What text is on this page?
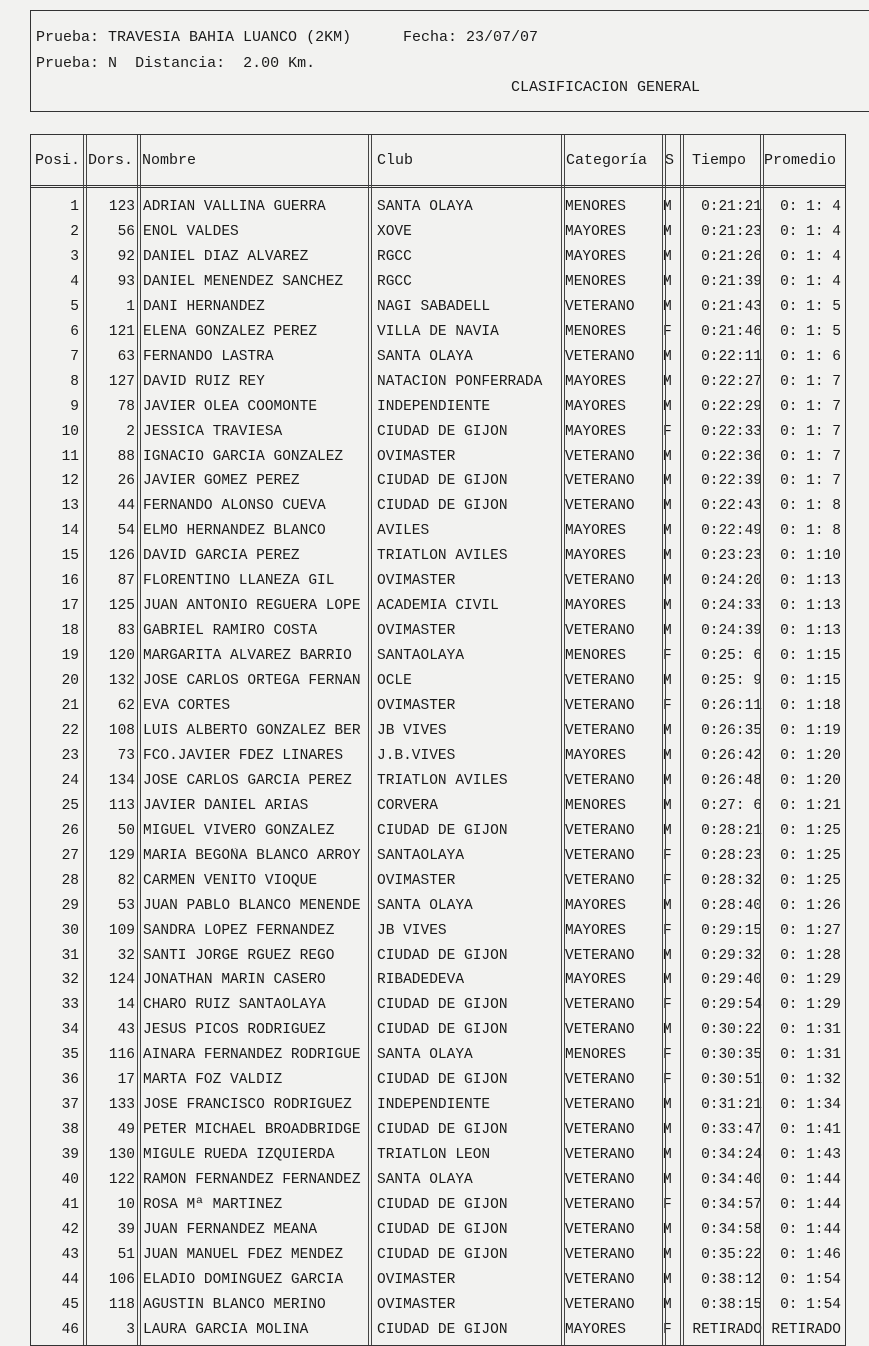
Prueba: TRAVESIA BAHIA LUANCO (2KM)	Fecha: 23/07/07
Prueba: N Distancia: 2.00 Km.
CLASIFICACION GENERAL
Posi. Dors. Nombre	Club	Categoría	S	Tiempo	Promedio
1	123 ADRIAN VALLINA GUERRA	SANTA OLAYA	MENORES	M	0:21:21	0: 1: 4
2	56 ENOL VALDES	XOVE	MAYORES	M	0:21:23	0: 1: 4
3	92 DANIEL DIAZ ALVAREZ	RGCC	MAYORES	M	0:21:26	0: 1: 4
4	93 DANIEL MENENDEZ SANCHEZ	RGCC	MENORES	M	0:21:39	0: 1: 4
5	1 DANI HERNANDEZ	NAGI SABADELL	VETERANO	M	0:21:43	0: 1: 5
6	121 ELENA GONZALEZ PEREZ	VILLA DE NAVIA	MENORES	F	0:21:46	0: 1: 5
7	63 FERNANDO LASTRA	SANTA OLAYA	VETERANO	M	0:22:11	0: 1: 6
8	127 DAVID RUIZ REY	NATACION PONFERRADA	MAYORES	M	0:22:27	0: 1: 7
9	78 JAVIER OLEA COOMONTE	INDEPENDIENTE	MAYORES	M	0:22:29	0: 1: 7
10	2 JESSICA TRAVIESA	CIUDAD DE GIJON	MAYORES	F	0:22:33	0: 1: 7
11	88 IGNACIO GARCIA GONZALEZ	OVIMASTER	VETERANO	M	0:22:36	0: 1: 7
12	26 JAVIER GOMEZ PEREZ	CIUDAD DE GIJON	VETERANO	M	0:22:39	0: 1: 7
13	44 FERNANDO ALONSO CUEVA	CIUDAD DE GIJON	VETERANO	M	0:22:43	0: 1: 8
14	54 ELMO HERNANDEZ BLANCO	AVILES	MAYORES	M	0:22:49	0: 1: 8
15	126 DAVID GARCIA PEREZ	TRIATLON AVILES	MAYORES	M	0:23:23	0: 1:10
16	87 FLORENTINO LLANEZA GIL	OVIMASTER	VETERANO	M	0:24:20	0: 1:13
17	125 JUAN ANTONIO REGUERA LOPE	ACADEMIA CIVIL	MAYORES	M	0:24:33	0: 1:13
18	83 GABRIEL RAMIRO COSTA	OVIMASTER	VETERANO	M	0:24:39	0: 1:13
19	120 MARGARITA ALVAREZ BARRIO	SANTAOLAYA	MENORES	F	0:25: 6	0: 1:15
20	132 JOSE CARLOS ORTEGA FERNAN	OCLE	VETERANO	M	0:25: 9	0: 1:15
21	62 EVA CORTES	OVIMASTER	VETERANO	F	0:26:11	0: 1:18
22	108 LUIS ALBERTO GONZALEZ BER	JB VIVES	VETERANO	M	0:26:35	0: 1:19
23	73 FCO.JAVIER FDEZ LINARES	J.B.VIVES	MAYORES	M	0:26:42	0: 1:20
24	134 JOSE CARLOS GARCIA PEREZ	TRIATLON AVILES	VETERANO	M	0:26:48	0: 1:20
25	113 JAVIER DANIEL ARIAS	CORVERA	MENORES	M	0:27: 6	0: 1:21
26	50 MIGUEL VIVERO GONZALEZ	CIUDAD DE GIJON	VETERANO	M	0:28:21	0: 1:25
27	129 MARIA BEGOÑA BLANCO ARROY	SANTAOLAYA	VETERANO	F	0:28:23	0: 1:25
28	82 CARMEN VENITO VIOQUE	OVIMASTER	VETERANO	F	0:28:32	0: 1:25
29	53 JUAN PABLO BLANCO MENENDE	SANTA OLAYA	MAYORES	M	0:28:40	0: 1:26
30	109 SANDRA LOPEZ FERNANDEZ	JB VIVES	MAYORES	F	0:29:15	0: 1:27
31	32 SANTI JORGE RGUEZ REGO	CIUDAD DE GIJON	VETERANO	M	0:29:32	0: 1:28
32	124 JONATHAN MARIN CASERO	RIBADEDEVA	MAYORES	M	0:29:40	0: 1:29
33	14 CHARO RUIZ SANTAOLAYA	CIUDAD DE GIJON	VETERANO	F	0:29:54	0: 1:29
34	43 JESUS PICOS RODRIGUEZ	CIUDAD DE GIJON	VETERANO	M	0:30:22	0: 1:31
35	116 AINARA FERNANDEZ RODRIGUE	SANTA OLAYA	MENORES	F	0:30:35	0: 1:31
36	17 MARTA FOZ VALDIZ	CIUDAD DE GIJON	VETERANO	F	0:30:51	0: 1:32
37	133 JOSE FRANCISCO RODRIGUEZ	INDEPENDIENTE	VETERANO	M	0:31:21	0: 1:34
38	49 PETER MICHAEL BROADBRIDGE	CIUDAD DE GIJON	VETERANO	M	0:33:47	0: 1:41
39	130 MIGULE RUEDA IZQUIERDA	TRIATLON LEON	VETERANO	M	0:34:24	0: 1:43
40	122 RAMON FERNANDEZ FERNANDEZ	SANTA OLAYA	VETERANO	M	0:34:40	0: 1:44
41	10 ROSA Mª MARTINEZ	CIUDAD DE GIJON	VETERANO	F	0:34:57	0: 1:44
42	39 JUAN FERNANDEZ MEANA	CIUDAD DE GIJON	VETERANO	M	0:34:58	0: 1:44
43	51 JUAN MANUEL FDEZ MENDEZ	CIUDAD DE GIJON	VETERANO	M	0:35:22	0: 1:46
44	106 ELADIO DOMINGUEZ GARCIA	OVIMASTER	VETERANO	M	0:38:12	0: 1:54
45	118 AGUSTIN BLANCO MERINO	OVIMASTER	VETERANO	M	0:38:15	0: 1:54
46	3 LAURA GARCIA MOLINA	CIUDAD DE GIJON	MAYORES	F	RETIRADO RETIRADO
